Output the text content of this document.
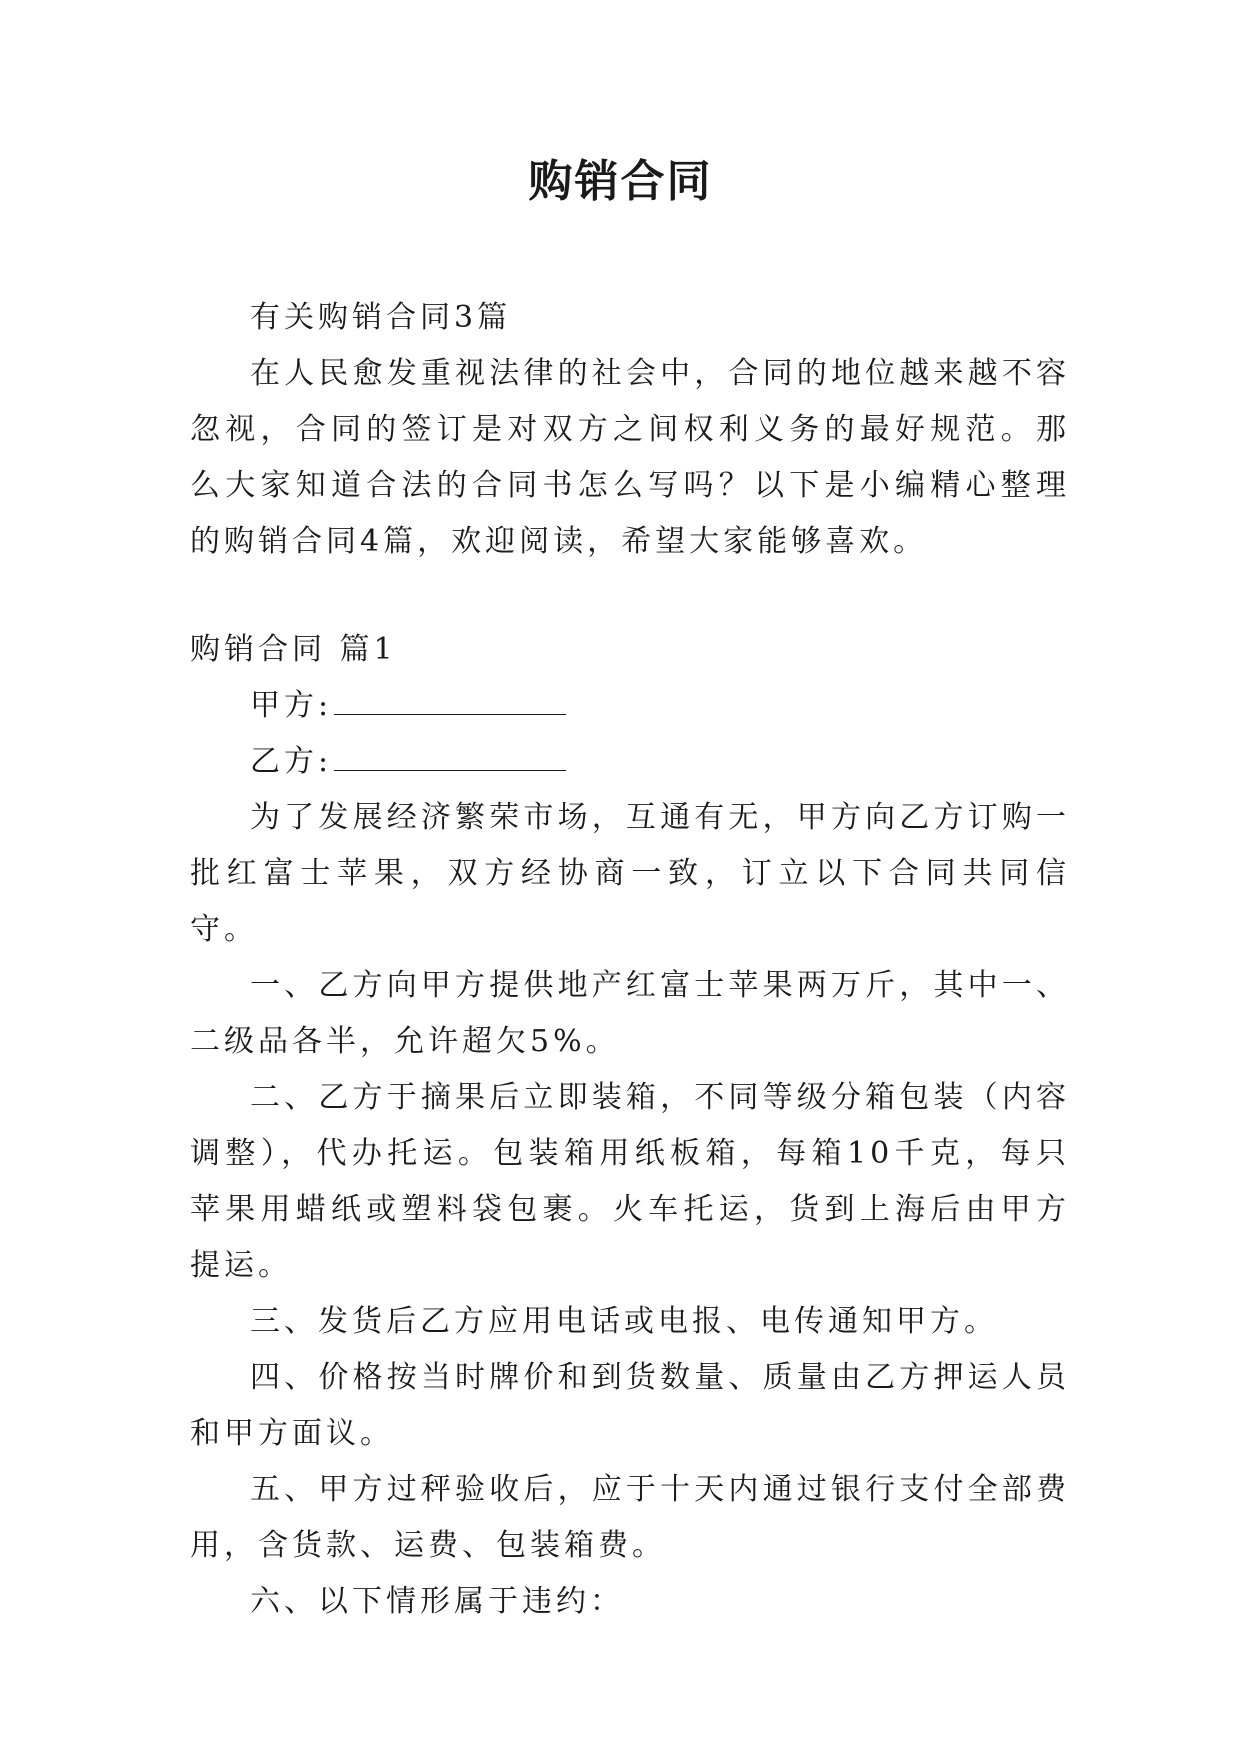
购销合同

有关购销合同3篇

在人民愈发重视法律的社会中，合同的地位越来越不容忽视，合同的签订是对双方之间权利义务的最好规范。那么大家知道合法的合同书怎么写吗？以下是小编精心整理的购销合同4篇，欢迎阅读，希望大家能够喜欢。

购销合同 篇1

甲方:

乙方:

为了发展经济繁荣市场，互通有无，甲方向乙方订购一批红富士苹果，双方经协商一致，订立以下合同共同信守。

一、乙方向甲方提供地产红富士苹果两万斤，其中一、二级品各半，允许超欠5%。

二、乙方于摘果后立即装箱，不同等级分箱包装（内容调整），代办托运。包装箱用纸板箱，每箱10千克，每只苹果用蜡纸或塑料袋包裹。火车托运，货到上海后由甲方提运。

三、发货后乙方应用电话或电报、电传通知甲方。

四、价格按当时牌价和到货数量、质量由乙方押运人员和甲方面议。

五、甲方过秤验收后，应于十天内通过银行支付全部费用，含货款、运费、包装箱费。

六、以下情形属于违约：
